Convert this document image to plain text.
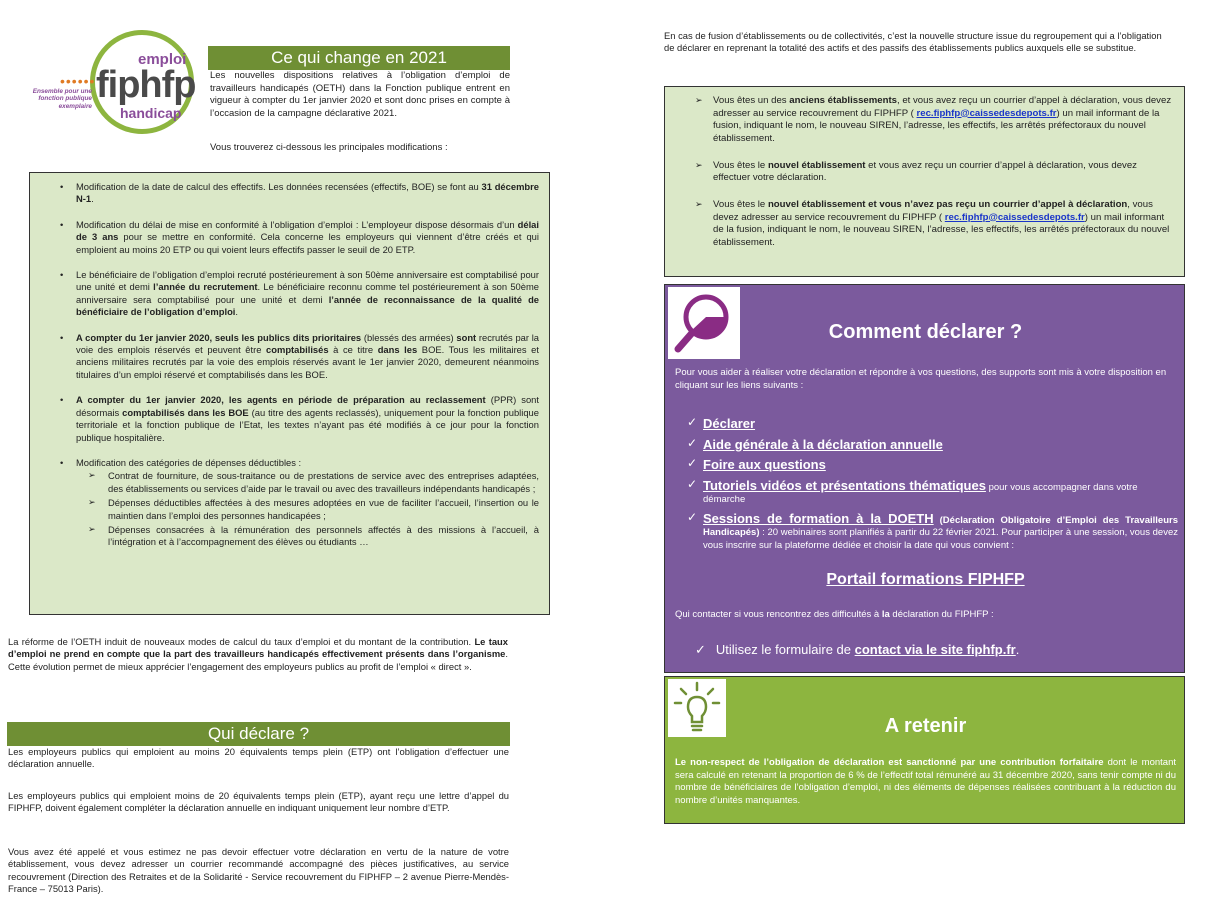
emploi
fiphfp
handicap
••••••
Ensemble pour une fonction publique exemplaire
Ce qui change en 2021
Les nouvelles dispositions relatives à l’obligation d’emploi de travailleurs handicapés (OETH) dans la Fonction publique entrent en vigueur à compter du 1er janvier 2020 et sont donc prises en compte à l’occasion de la campagne déclarative 2021.
Vous trouverez ci-dessous les principales modifications :
• Modification de la date de calcul des effectifs. Les données recensées (effectifs, BOE) se font au 31 décembre N-1.
• Modification du délai de mise en conformité à l’obligation d’emploi : L’employeur dispose désormais d’un délai de 3 ans pour se mettre en conformité. Cela concerne les employeurs qui viennent d’être créés et qui emploient au moins 20 ETP ou qui voient leurs effectifs passer le seuil de 20 ETP.
• Le bénéficiaire de l’obligation d’emploi recruté postérieurement à son 50ème anniversaire est comptabilisé pour une unité et demi l’année du recrutement. Le bénéficiaire reconnu comme tel postérieurement à son 50ème anniversaire sera comptabilisé pour une unité et demi l’année de reconnaissance de la qualité de bénéficiaire de l’obligation d’emploi.
• A compter du 1er janvier 2020, seuls les publics dits prioritaires (blessés des armées) sont recrutés par la voie des emplois réservés et peuvent être comptabilisés à ce titre dans les BOE. Tous les militaires et anciens militaires recrutés par la voie des emplois réservés avant le 1er janvier 2020, demeurent néanmoins titulaires d’un emploi réservé et comptabilisés dans les BOE.
• A compter du 1er janvier 2020, les agents en période de préparation au reclassement (PPR) sont désormais comptabilisés dans les BOE (au titre des agents reclassés), uniquement pour la fonction publique territoriale et la fonction publique de l’Etat, les textes n’ayant pas été modifiés à ce jour pour la fonction publique hospitalière.
• Modification des catégories de dépenses déductibles :
➢ Contrat de fourniture, de sous-traitance ou de prestations de service avec des entreprises adaptées, des établissements ou services d’aide par le travail ou avec des travailleurs indépendants handicapés ;
➢ Dépenses déductibles affectées à des mesures adoptées en vue de faciliter l’accueil, l’insertion ou le maintien dans l’emploi des personnes handicapées ;
➢ Dépenses consacrées à la rémunération des personnels affectés à des missions à l’accueil, à l’intégration et à l’accompagnement des élèves ou étudiants …
La réforme de l’OETH induit de nouveaux modes de calcul du taux d’emploi et du montant de la contribution. Le taux d’emploi ne prend en compte que la part des travailleurs handicapés effectivement présents dans l’organisme. Cette évolution permet de mieux apprécier l’engagement des employeurs publics au profit de l’emploi « direct ».
Qui déclare ?
Les employeurs publics qui emploient au moins 20 équivalents temps plein (ETP) ont l’obligation d’effectuer une déclaration annuelle.
Les employeurs publics qui emploient moins de 20 équivalents temps plein (ETP), ayant reçu une lettre d’appel du FIPHFP, doivent également compléter la déclaration annuelle en indiquant uniquement leur nombre d’ETP.
Vous avez été appelé et vous estimez ne pas devoir effectuer votre déclaration en vertu de la nature de votre établissement, vous devez adresser un courrier recommandé accompagné des pièces justificatives, au service recouvrement (Direction des Retraites et de la Solidarité - Service recouvrement du FIPHFP – 2 avenue Pierre-Mendès-France – 75013 Paris).
En cas de fusion d’établissements ou de collectivités, c’est la nouvelle structure issue du regroupement qui a l’obligation de déclarer en reprenant la totalité des actifs et des passifs des établissements publics auxquels elle se substitue.
➢ Vous êtes un des anciens établissements, et vous avez reçu un courrier d’appel à déclaration, vous devez adresser au service recouvrement du FIPHFP ( rec.fiphfp@caissedesdepots.fr) un mail informant de la fusion, indiquant le nom, le nouveau SIREN, l’adresse, les effectifs, les arrêtés préfectoraux du nouvel établissement.
➢ Vous êtes le nouvel établissement et vous avez reçu un courrier d’appel à déclaration, vous devez effectuer votre déclaration.
➢ Vous êtes le nouvel établissement et vous n’avez pas reçu un courrier d’appel à déclaration, vous devez adresser au service recouvrement du FIPHFP ( rec.fiphfp@caissedesdepots.fr) un mail informant de la fusion, indiquant le nom, le nouveau SIREN, l’adresse, les effectifs, les arrêtés préfectoraux du nouvel établissement.
Comment déclarer ?
Pour vous aider à réaliser votre déclaration et répondre à vos questions, des supports sont mis à votre disposition en cliquant sur les liens suivants :
✓ Déclarer
✓ Aide générale à la déclaration annuelle
✓ Foire aux questions
✓ Tutoriels vidéos et présentations thématiques pour vous accompagner dans votre démarche
✓ Sessions de formation à la DOETH (Déclaration Obligatoire d’Emploi des Travailleurs Handicapés) : 20 webinaires sont planifiés à partir du 22 février 2021. Pour participer à une session, vous devez vous inscrire sur la plateforme dédiée et choisir la date qui vous convient :
Portail formations FIPHFP
Qui contacter si vous rencontrez des difficultés à la déclaration du FIPHFP :
✓ Utilisez le formulaire de contact via le site fiphfp.fr.
A retenir
Le non-respect de l’obligation de déclaration est sanctionné par une contribution forfaitaire dont le montant sera calculé en retenant la proportion de 6 % de l’effectif total rémunéré au 31 décembre 2020, sans tenir compte ni du nombre de bénéficiaires de l’obligation d’emploi, ni des éléments de dépenses réalisées contribuant à la réduction du nombre d’unités manquantes.
